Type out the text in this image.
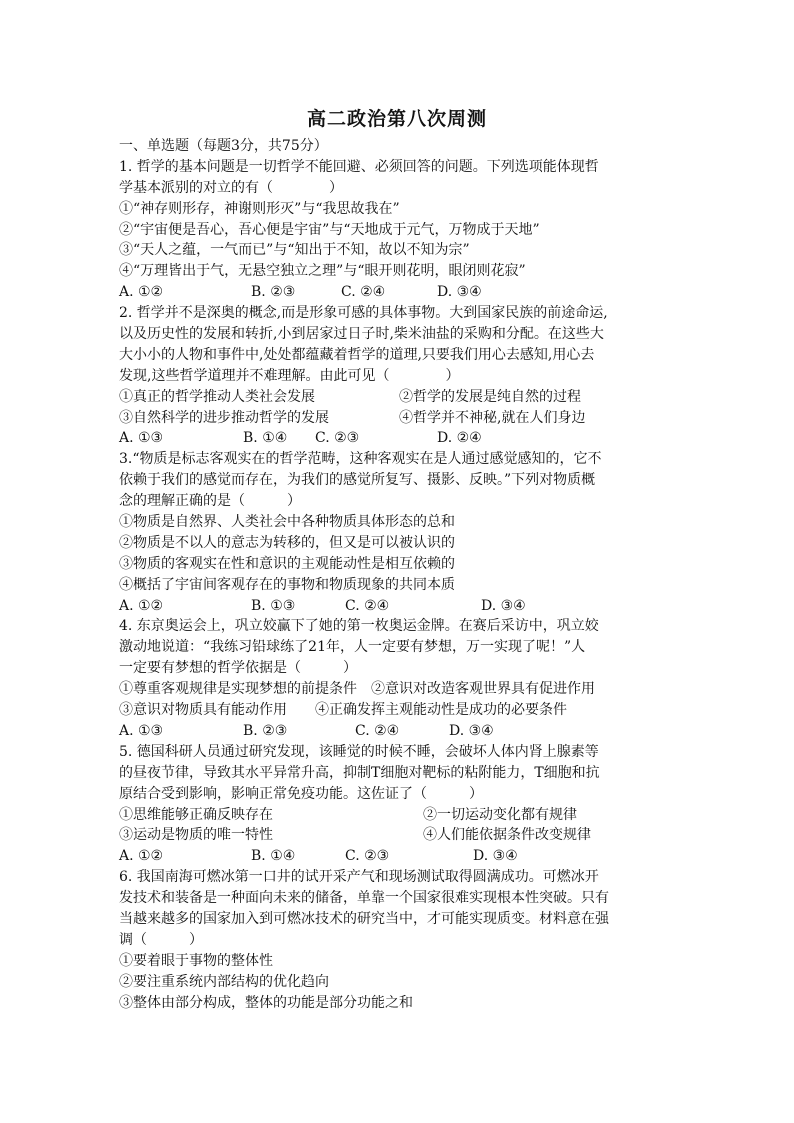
高二政治第八次周测
一、单选题（每题3分，共75分）
1. 哲学的基本问题是一切哲学不能回避、必须回答的问题。下列选项能体现哲
学基本派别的对立的有（　　　　）
①“神存则形存，神谢则形灭”与“我思故我在”
②“宇宙便是吾心，吾心便是宇宙”与“天地成于元气，万物成于天地”
③“天人之蕴，一气而已”与“知出于不知，故以不知为宗”
④“万理皆出于气，无悬空独立之理”与“眼开则花明，眼闭则花寂”
A. ①②	B. ②③	C. ②④	D. ③④
2. 哲学并不是深奥的概念,而是形象可感的具体事物。大到国家民族的前途命运,
以及历史性的发展和转折,小到居家过日子时,柴米油盐的采购和分配。在这些大
大小小的人物和事件中,处处都蕴藏着哲学的道理,只要我们用心去感知,用心去
发现,这些哲学道理并不难理解。由此可见（　　　　）
①真正的哲学推动人类社会发展	②哲学的发展是纯自然的过程
③自然科学的进步推动哲学的发展	④哲学并不神秘,就在人们身边
A. ①③	B. ①④ C. ②③	D. ②④
3.“物质是标志客观实在的哲学范畴，这种客观实在是人通过感觉感知的，它不
依赖于我们的感觉而存在，为我们的感觉所复写、摄影、反映。”下列对物质概
念的理解正确的是（　　　）
①物质是自然界、人类社会中各种物质具体形态的总和
②物质是不以人的意志为转移的，但又是可以被认识的
③物质的客观实在性和意识的主观能动性是相互依赖的
④概括了宇宙间客观存在的事物和物质现象的共同本质
A. ①②	B. ①③	C. ②④	D. ③④
4. 东京奥运会上，巩立姣赢下了她的第一枚奥运金牌。在赛后采访中，巩立姣
激动地说道：“我练习铅球练了21年，人一定要有梦想，万一实现了呢！”人
一定要有梦想的哲学依据是（　　　）
①尊重客观规律是实现梦想的前提条件　②意识对改造客观世界具有促进作用
③意识对物质具有能动作用　　④正确发挥主观能动性是成功的必要条件
A. ①③	B. ②③	C. ②④	D. ③④
5. 德国科研人员通过研究发现，该睡觉的时候不睡，会破坏人体内肾上腺素等
的昼夜节律，导致其水平异常升高，抑制T细胞对靶标的粘附能力，T细胞和抗
原结合受到影响，影响正常免疫功能。这佐证了（　　　）
①思维能够正确反映存在	②一切运动变化都有规律
③运动是物质的唯一特性	④人们能依据条件改变规律
A. ①②	B. ①④	C. ②③	D. ③④
6. 我国南海可燃冰第一口井的试开采产气和现场测试取得圆满成功。可燃冰开
发技术和装备是一种面向未来的储备，单靠一个国家很难实现根本性突破。只有
当越来越多的国家加入到可燃冰技术的研究当中，才可能实现质变。材料意在强
调（　　　）
①要着眼于事物的整体性
②要注重系统内部结构的优化趋向
③整体由部分构成，整体的功能是部分功能之和
